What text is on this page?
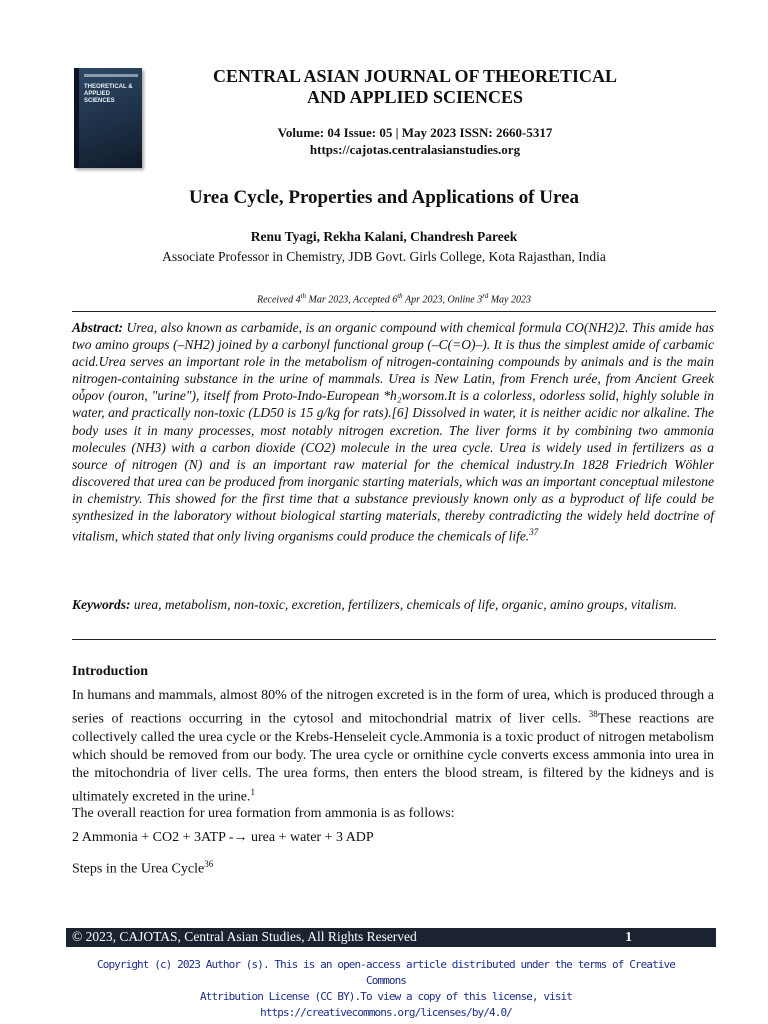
THEORETICAL & APPLIED SCIENCES
CENTRAL ASIAN JOURNAL OF THEORETICAL
AND APPLIED SCIENCES
Volume: 04 Issue: 05 | May 2023 ISSN: 2660-5317
https://cajotas.centralasianstudies.org
Urea Cycle, Properties and Applications of Urea
Renu Tyagi, Rekha Kalani, Chandresh Pareek
Associate Professor in Chemistry, JDB Govt. Girls College, Kota Rajasthan, India
Received 4th Mar 2023, Accepted 6th Apr 2023, Online 3rd May 2023

Abstract: Urea, also known as carbamide, is an organic compound with chemical formula CO(NH2)2. This amide has two amino groups (–NH2) joined by a carbonyl functional group (–C(=O)–). It is thus the simplest amide of carbamic acid.Urea serves an important role in the metabolism of nitrogen-containing compounds by animals and is the main nitrogen-containing substance in the urine of mammals. Urea is New Latin, from French urée, from Ancient Greek οὖρον (ouron, "urine"), itself from Proto-Indo-European *h₂worsom.It is a colorless, odorless solid, highly soluble in water, and practically non-toxic (LD50 is 15 g/kg for rats).[6] Dissolved in water, it is neither acidic nor alkaline. The body uses it in many processes, most notably nitrogen excretion. The liver forms it by combining two ammonia molecules (NH3) with a carbon dioxide (CO2) molecule in the urea cycle. Urea is widely used in fertilizers as a source of nitrogen (N) and is an important raw material for the chemical industry.In 1828 Friedrich Wöhler discovered that urea can be produced from inorganic starting materials, which was an important conceptual milestone in chemistry. This showed for the first time that a substance previously known only as a byproduct of life could be synthesized in the laboratory without biological starting materials, thereby contradicting the widely held doctrine of vitalism, which stated that only living organisms could produce the chemicals of life.$^{37}$

Keywords: urea, metabolism, non-toxic, excretion, fertilizers, chemicals of life, organic, amino groups, vitalism.

Introduction

In humans and mammals, almost 80% of the nitrogen excreted is in the form of urea, which is produced through a series of reactions occurring in the cytosol and mitochondrial matrix of liver cells. $^{38}$These reactions are collectively called the urea cycle or the Krebs-Henseleit cycle.Ammonia is a toxic product of nitrogen metabolism which should be removed from our body. The urea cycle or ornithine cycle converts excess ammonia into urea in the mitochondria of liver cells. The urea forms, then enters the blood stream, is filtered by the kidneys and is ultimately excreted in the urine.$^1$

The overall reaction for urea formation from ammonia is as follows:

2 Ammonia + CO2 + 3ATP -→ urea + water + 3 ADP

Steps in the Urea Cycle$^{36}$

© 2023, CAJOTAS, Central Asian Studies, All Rights Reserved	1
Copyright (c) 2023 Author (s). This is an open-access article distributed under the terms of Creative Commons
Attribution License (CC BY).To view a copy of this license, visit https://creativecommons.org/licenses/by/4.0/
